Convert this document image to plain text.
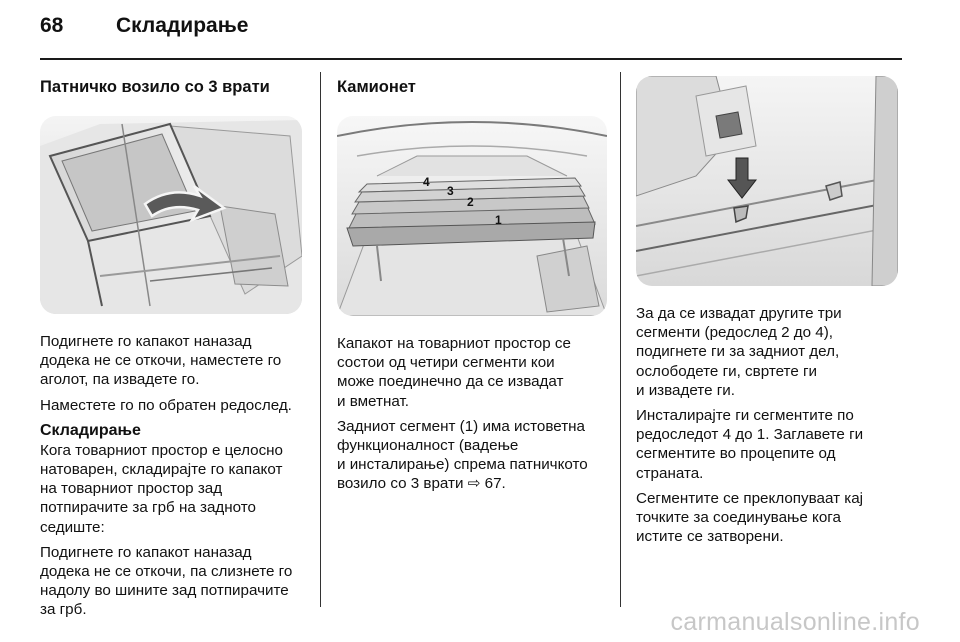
68	Складирање
Патничко возило со 3 врати

Подигнете го капакот наназад
додека не се откочи, наместете го
аголот, па извадете го.

Наместете го по обратен редослед.

Складирање

Кога товарниот простор е целосно
натоварен, складирајте го капакот
на товарниот простор зад
потпирачите за грб на задното
седиште:

Подигнете го капакот наназад
додека не се откочи, па слизнете го
надолу во шините зад потпирачите
за грб.

Камионет
4
3
2
1

Капакот на товарниот простор се
состои од четири сегменти кои
може поединечно да се извадат
и вметнат.

Задниот сегмент (1) има истоветна
функционалност (вадење
и инсталирање) спрема патничкото
возило со 3 врати ⇨ 67.

За да се извадат другите три
сегменти (редослед 2 до 4),
подигнете ги за задниот дел,
ослободете ги, свртете ги
и извадете ги.

Инсталирајте ги сегментите по
редоследот 4 до 1. Заглавете ги
сегментите во процепите од
страната.

Сегментите се преклопуваат кај
точките за соединување кога
истите се затворени.

carmanualsonline.info
